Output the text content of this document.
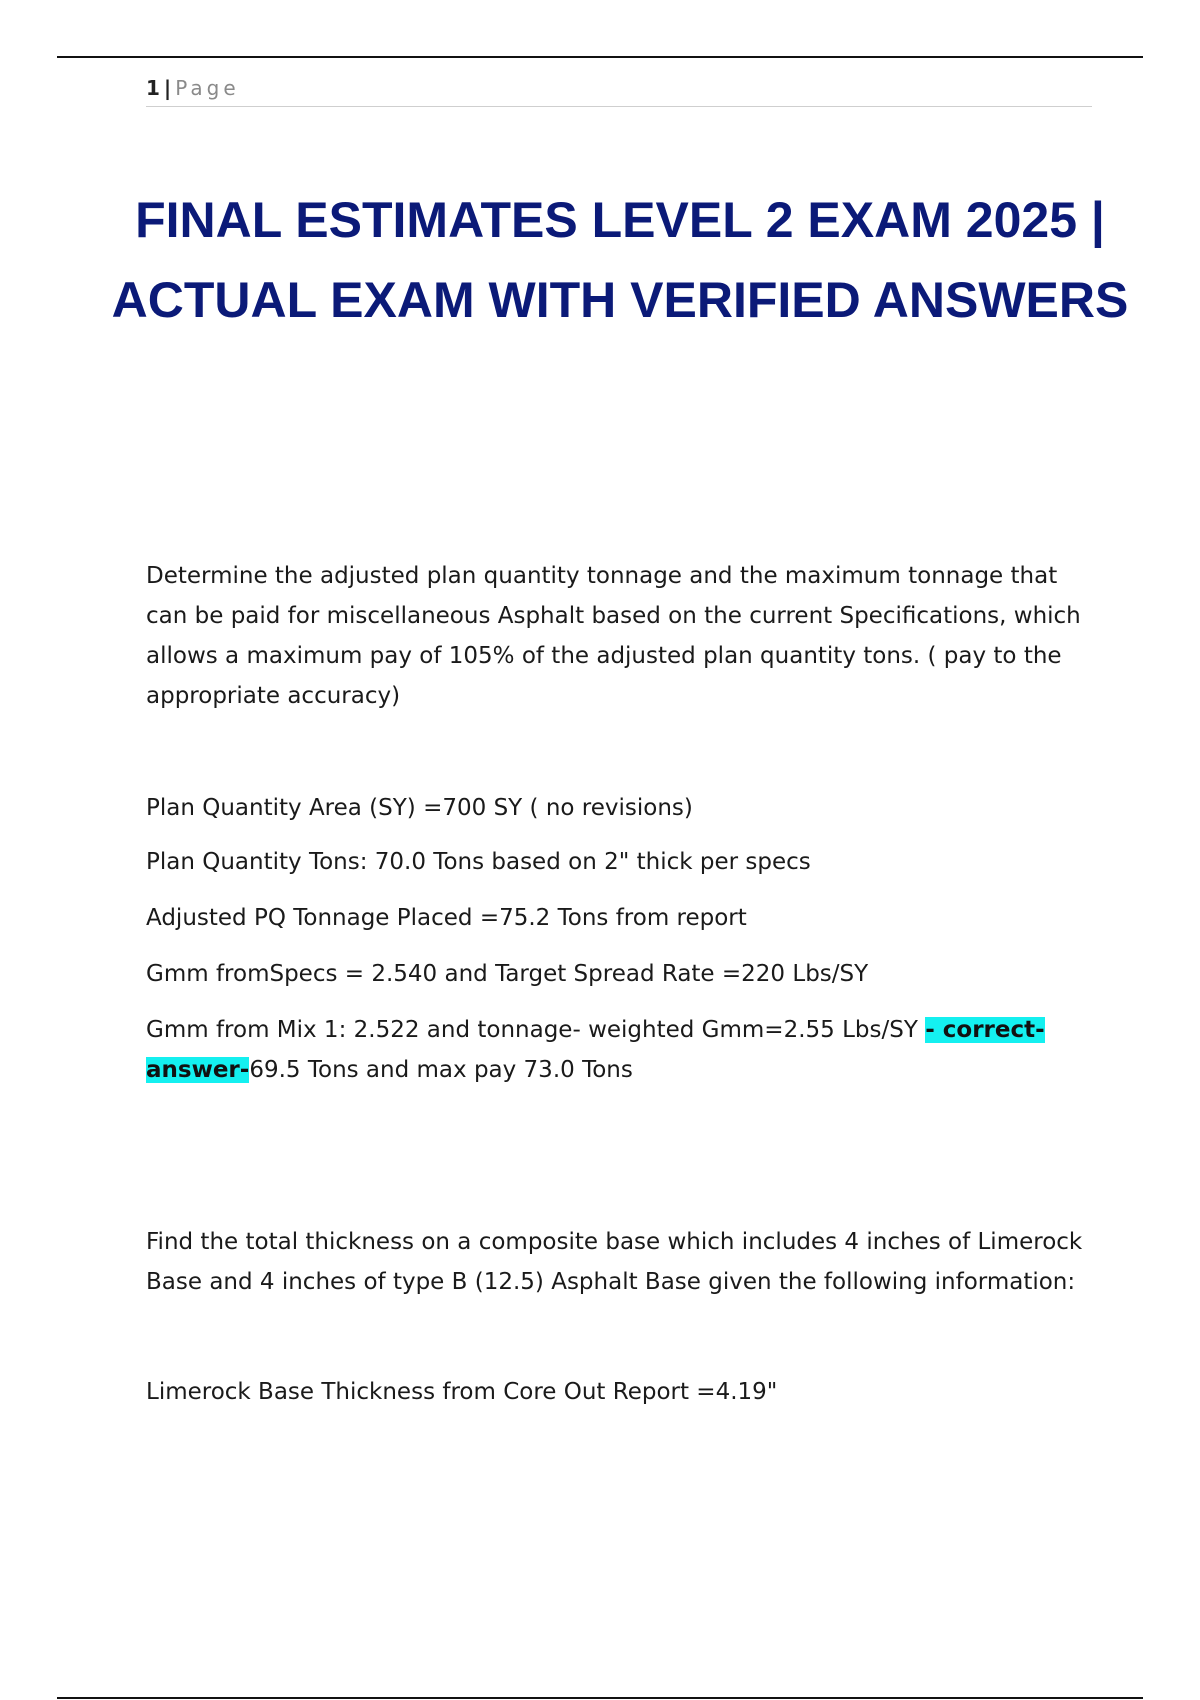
1 | Page
FINAL ESTIMATES LEVEL 2 EXAM 2025 | ACTUAL EXAM WITH VERIFIED ANSWERS

Determine the adjusted plan quantity tonnage and the maximum tonnage that can be paid for miscellaneous Asphalt based on the current Specifications, which allows a maximum pay of 105% of the adjusted plan quantity tons. ( pay to the appropriate accuracy)

Plan Quantity Area (SY) =700 SY ( no revisions)

Plan Quantity Tons: 70.0 Tons based on 2" thick per specs

Adjusted PQ Tonnage Placed =75.2 Tons from report

Gmm fromSpecs = 2.540 and Target Spread Rate =220 Lbs/SY

Gmm from Mix 1: 2.522 and tonnage- weighted Gmm=2.55 Lbs/SY - correct-

answer-69.5 Tons and max pay 73.0 Tons

Find the total thickness on a composite base which includes 4 inches of Limerock Base and 4 inches of type B (12.5) Asphalt Base given the following information:

Limerock Base Thickness from Core Out Report =4.19"
